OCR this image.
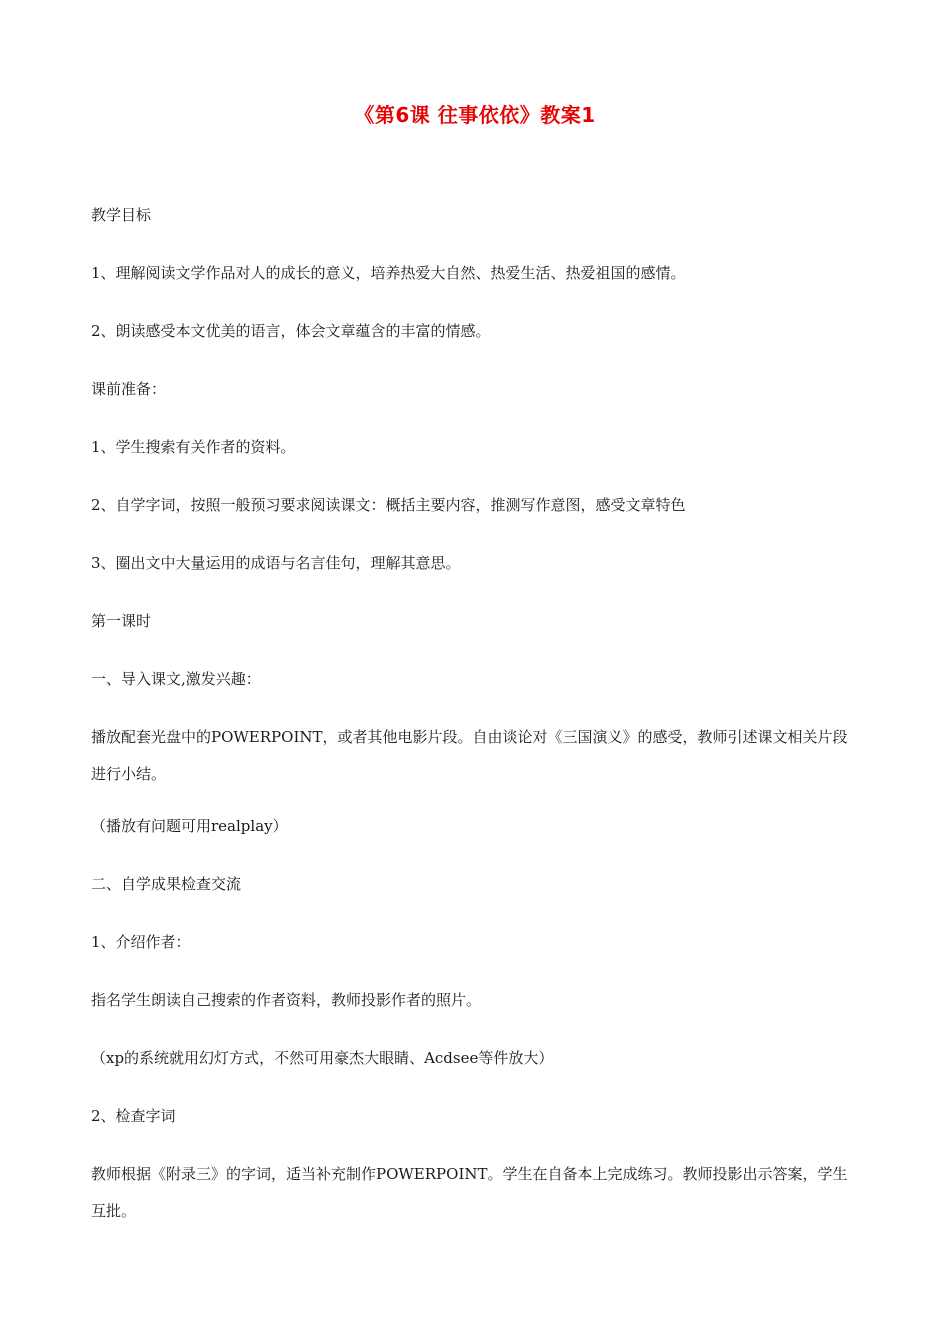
《第6课 往事依依》教案1

教学目标

1、理解阅读文学作品对人的成长的意义，培养热爱大自然、热爱生活、热爱祖国的感情。

2、朗读感受本文优美的语言，体会文章蕴含的丰富的情感。

课前准备：

1、学生搜索有关作者的资料。

2、自学字词，按照一般预习要求阅读课文：概括主要内容，推测写作意图，感受文章特色

3、圈出文中大量运用的成语与名言佳句，理解其意思。

第一课时

一、导入课文,激发兴趣：

播放配套光盘中的POWERPOINT，或者其他电影片段。自由谈论对《三国演义》的感受，教师引述课文相关片段进行小结。

（播放有问题可用realplay）

二、自学成果检查交流

1、介绍作者：

指名学生朗读自己搜索的作者资料，教师投影作者的照片。

（xp的系统就用幻灯方式，不然可用豪杰大眼睛、Acdsee等件放大）

2、检查字词

教师根据《附录三》的字词，适当补充制作POWERPOINT。学生在自备本上完成练习。教师投影出示答案，学生互批。
